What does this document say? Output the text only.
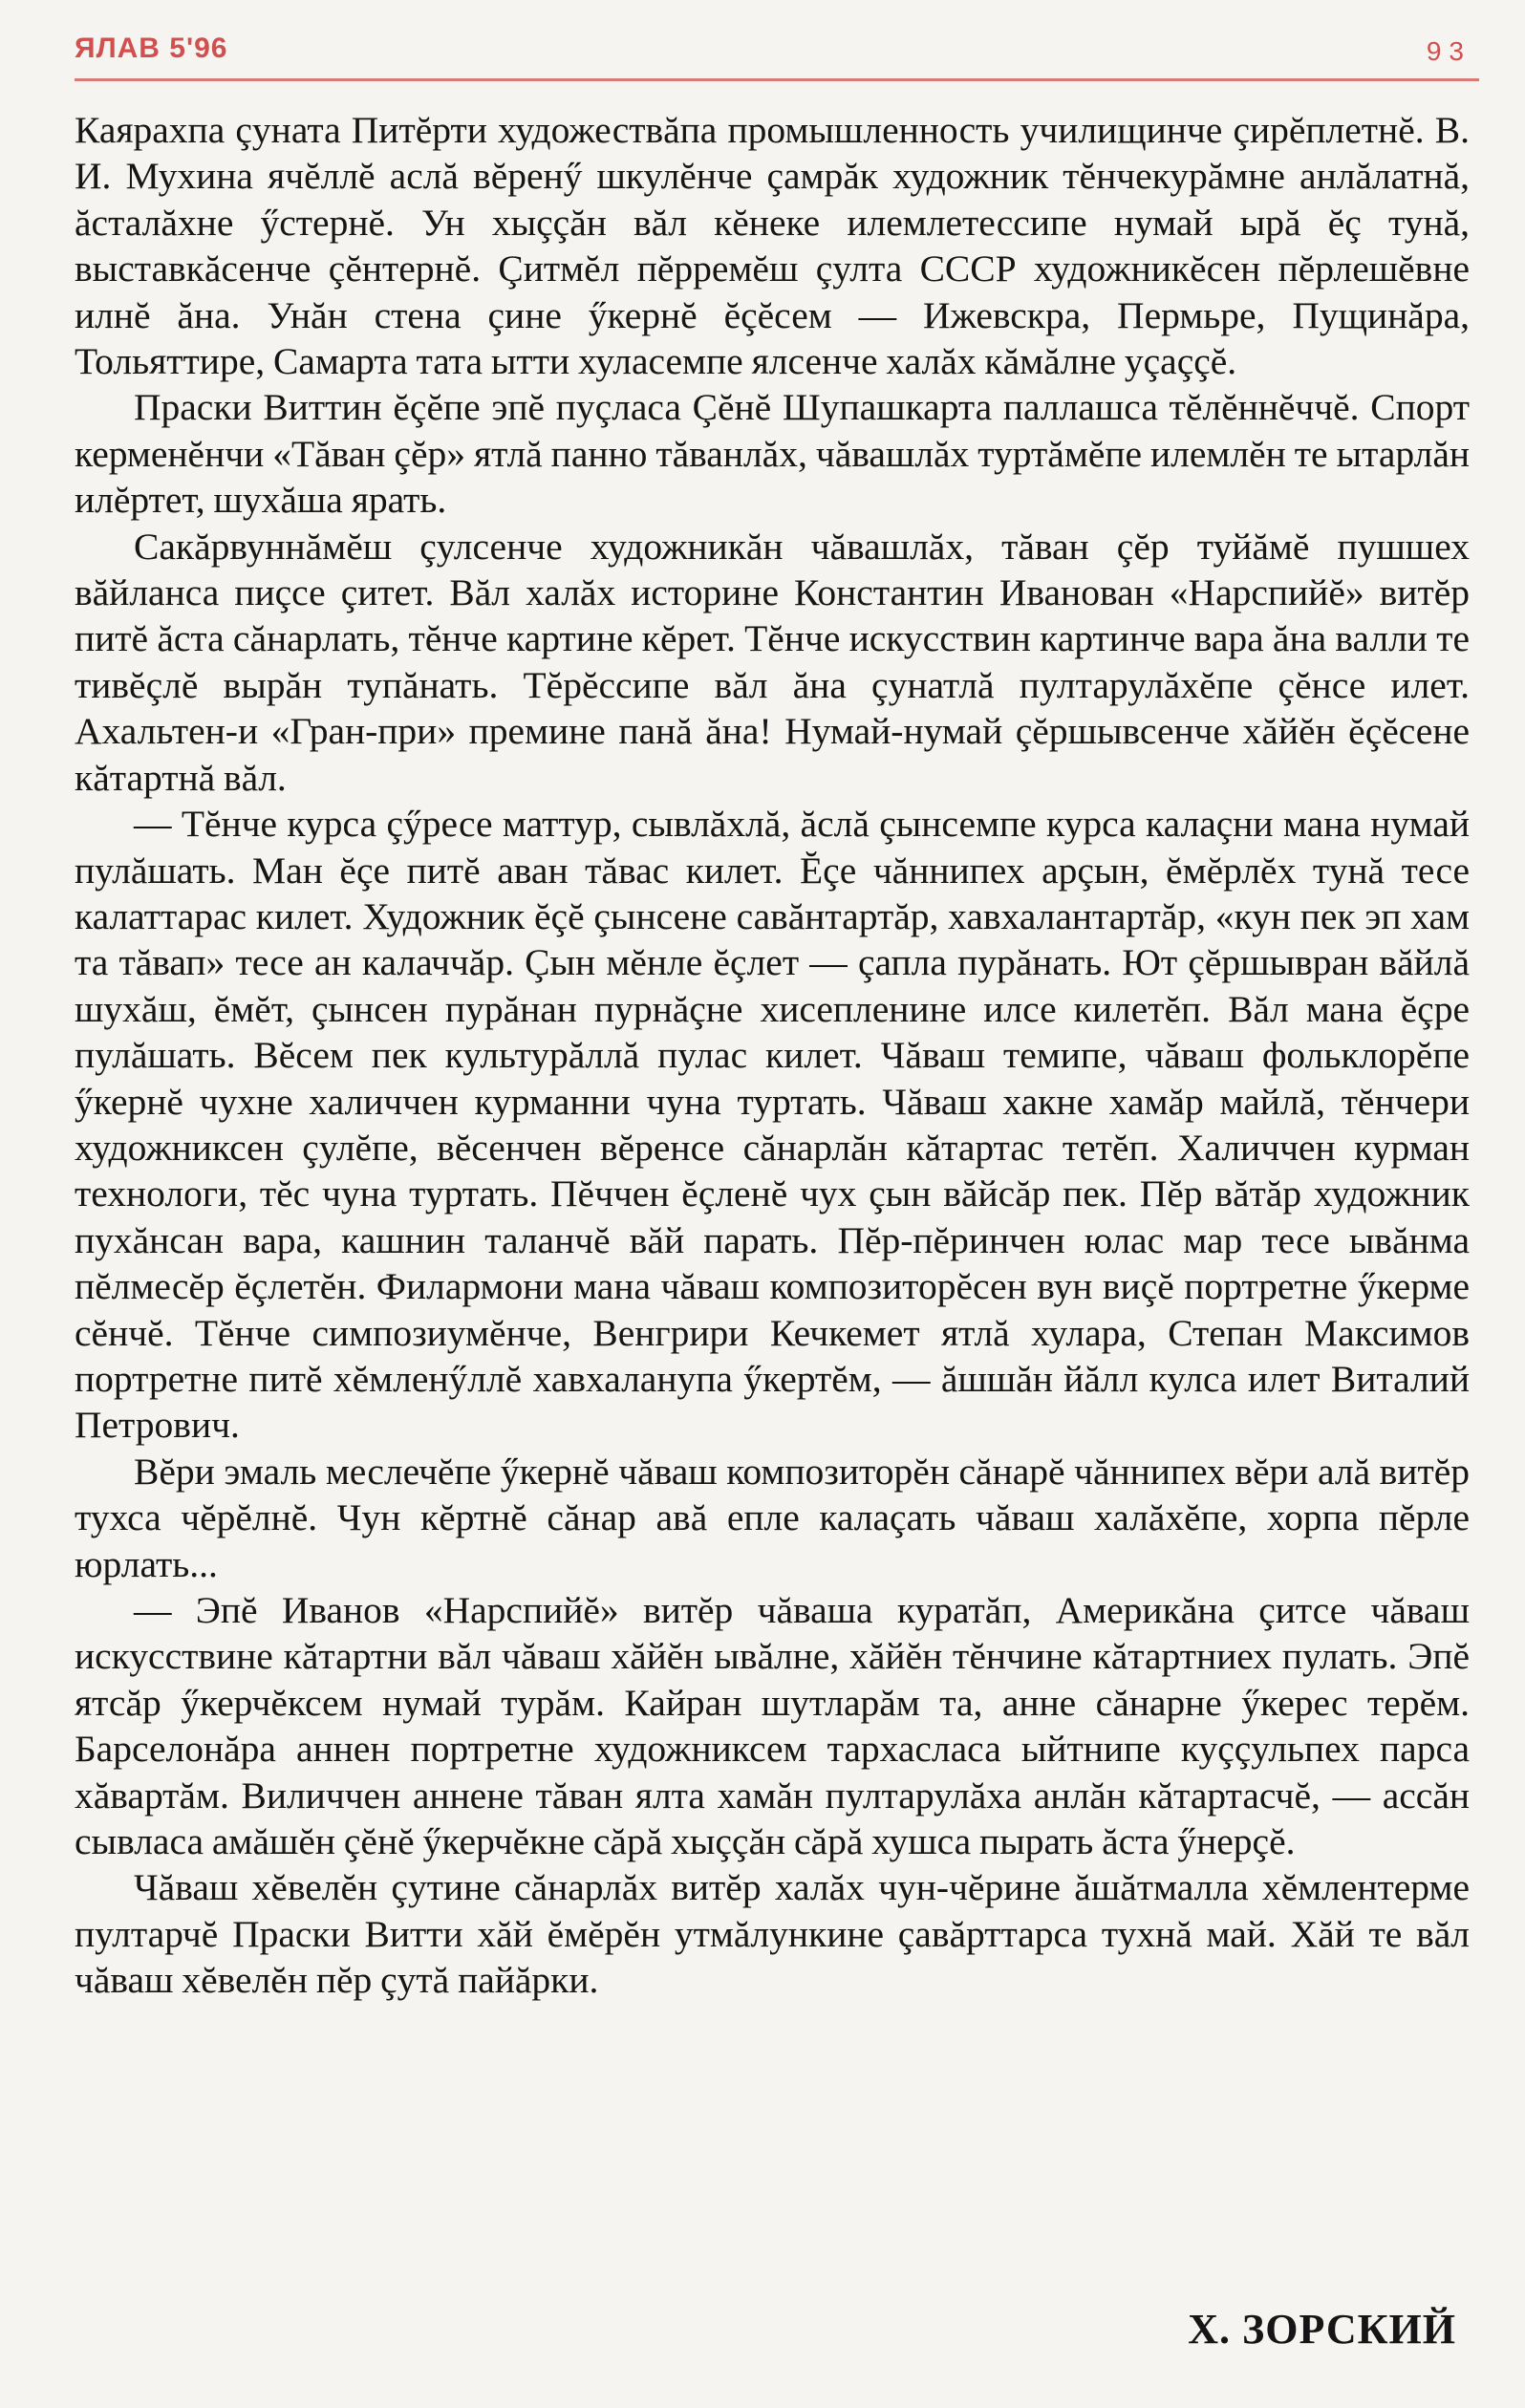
ЯЛАВ 5'96	93

Каярахпа çуната Питĕрти художествăпа промышленность училищинче çирĕплетнĕ. В. И. Мухина ячĕллĕ аслă вĕренӳ шкулĕнче çамрăк художник тĕнчекурăмне анлăлатнă, ăсталăхне ӳстернĕ. Ун хыççăн вăл кĕнеке илемлетессипе нумай ырă ĕç тунă, выставкăсенче çĕнтернĕ. Çитмĕл пĕрремĕш çулта СССР художникĕсен пĕрлешĕвне илнĕ ăна. Унăн стена çине ӳкернĕ ĕçĕсем — Ижевскра, Пермьре, Пущинăра, Тольяттире, Самарта тата ытти хуласемпе ялсенче халăх кăмăлне уçаççĕ.

Праски Виттин ĕçĕпе эпĕ пуçласа Çĕнĕ Шупашкарта паллашса тĕлĕннĕччĕ. Спорт керменĕнчи «Тăван çĕр» ятлă панно тăванлăх, чăвашлăх туртăмĕпе илемлĕн те ытарлăн илĕртет, шухăша ярать.

Сакăрвуннăмĕш çулсенче художникăн чăвашлăх, тăван çĕр туйăмĕ пушшех вăйланса пиçсе çитет. Вăл халăх историне Константин Иванован «Нарспийĕ» витĕр питĕ ăста сăнарлать, тĕнче картине кĕрет. Тĕнче искусствин картинче вара ăна валли те тивĕçлĕ вырăн тупăнать. Тĕрĕссипе вăл ăна çунатлă пултарулăхĕпе çĕнсе илет. Ахальтен-и «Гран-при» премине панă ăна! Нумай-нумай çĕршывсенче хăйĕн ĕçĕсене кăтартнă вăл.

— Тĕнче курса çӳресе маттур, сывлăхлă, ăслă çынсемпе курса калаçни мана нумай пулăшать. Ман ĕçе питĕ аван тăвас килет. Ĕçе чăннипех арçын, ĕмĕрлĕх тунă тесе калаттарас килет. Художник ĕçĕ çынсене савăнтартăр, хавхалантартăр, «кун пек эп хам та тăвап» тесе ан калаччăр. Çын мĕнле ĕçлет — çапла пурăнать. Ют çĕршывран вăйлă шухăш, ĕмĕт, çынсен пурăнан пурнăçне хисепленине илсе килетĕп. Вăл мана ĕçре пулăшать. Вĕсем пек культурăллă пулас килет. Чăваш темипе, чăваш фольклорĕпе ӳкернĕ чухне халиччен курманни чуна туртать. Чăваш хакне хамăр майлă, тĕнчери художниксен çулĕпе, вĕсенчен вĕренсе сăнарлăн кăтартас тетĕп. Халиччен курман технологи, тĕс чуна туртать. Пĕччен ĕçленĕ чух çын вăйсăр пек. Пĕр вăтăр художник пухăнсан вара, кашнин таланчĕ вăй парать. Пĕр-пĕринчен юлас мар тесе ывăнма пĕлмесĕр ĕçлетĕн. Филармони мана чăваш композиторĕсен вун виçĕ портретне ӳкерме сĕнчĕ. Тĕнче симпозиумĕнче, Венгрири Кечкемет ятлă хулара, Степан Максимов портретне питĕ хĕмленӳллĕ хавхаланупа ӳкертĕм, — ăшшăн йăлл кулса илет Виталий Петрович.

Вĕри эмаль меслечĕпе ӳкернĕ чăваш композиторĕн сăнарĕ чăннипех вĕри алă витĕр тухса чĕрĕлнĕ. Чун кĕртнĕ сăнар авă епле калаçать чăваш халăхĕпе, хорпа пĕрле юрлать...

— Эпĕ Иванов «Нарспийĕ» витĕр чăваша куратăп, Америкăна çитсе чăваш искусствине кăтартни вăл чăваш хăйĕн ывăлне, хăйĕн тĕнчине кăтартниех пулать. Эпĕ ятсăр ӳкерчĕксем нумай турăм. Кайран шутларăм та, анне сăнарне ӳкерес терĕм. Барселонăра аннен портретне художниксем тархасласа ыйтнипе куççульпех парса хăвартăм. Виличчен аннене тăван ялта хамăн пултарулăха анлăн кăтартасчĕ, — ассăн сывласа амăшĕн çĕнĕ ӳкерчĕкне сăрă хыççăн сăрă хушса пырать ăста ӳнерçĕ.

Чăваш хĕвелĕн çутине сăнарлăх витĕр халăх чун-чĕрине ăшăтмалла хĕмлентерме пултарчĕ Праски Витти хăй ĕмĕрĕн утмăлункине çавăрттарса тухнă май. Хăй те вăл чăваш хĕвелĕн пĕр çутă пайăрки.

Х. ЗОРСКИЙ
